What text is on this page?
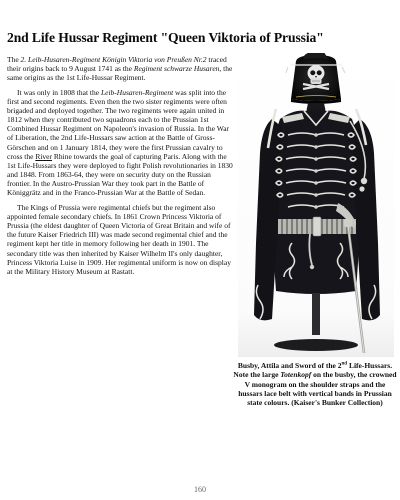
2nd Life Hussar Regiment "Queen Viktoria of Prussia"

The 2. Leib-Husaren-Regiment Königin Viktoria von Preußen Nr.2 traced their origins back to 9 August 1741 as the Regiment schwarze Husaren, the same origins as the 1st Life-Hussar Regiment.

It was only in 1808 that the Leib-Husaren-Regiment was split into the first and second regiments. Even then the two sister regiments were often brigaded and deployed together. The two regiments were again united in 1812 when they contributed two squadrons each to the Prussian 1st Combined Hussar Regiment on Napoleon's invasion of Russia. In the War of Liberation, the 2nd Life-Hussars saw action at the Battle of Gross-Görschen and on 1 January 1814, they were the first Prussian cavalry to cross the River Rhine towards the goal of capturing Paris. Along with the 1st Life-Hussars they were deployed to fight Polish revolutionaries in 1830 and 1848. From 1863-64, they were on security duty on the Russian frontier. In the Austro-Prussian War they took part in the Battle of Königgrätz and in the Franco-Prussian War at the Battle of Sedan.

The Kings of Prussia were regimental chiefs but the regiment also appointed female secondary chiefs. In 1861 Crown Princess Viktoria of Prussia (the eldest daughter of Queen Victoria of Great Britain and wife of the future Kaiser Friedrich III) was made second regimental chief and the regiment kept her title in memory following her death in 1901. The secondary title was then inherited by Kaiser Wilhelm II's only daughter, Princess Viktoria Luise in 1909. Her regimental uniform is now on display at the Military History Museum at Rastatt.

Busby, Attila and Sword of the 2nd Life-Hussars. Note the large Totenkopf on the busby, the crowned V monogram on the shoulder straps and the hussars lace belt with vertical bands in Prussian state colours. (Kaiser's Bunker Collection)
160
